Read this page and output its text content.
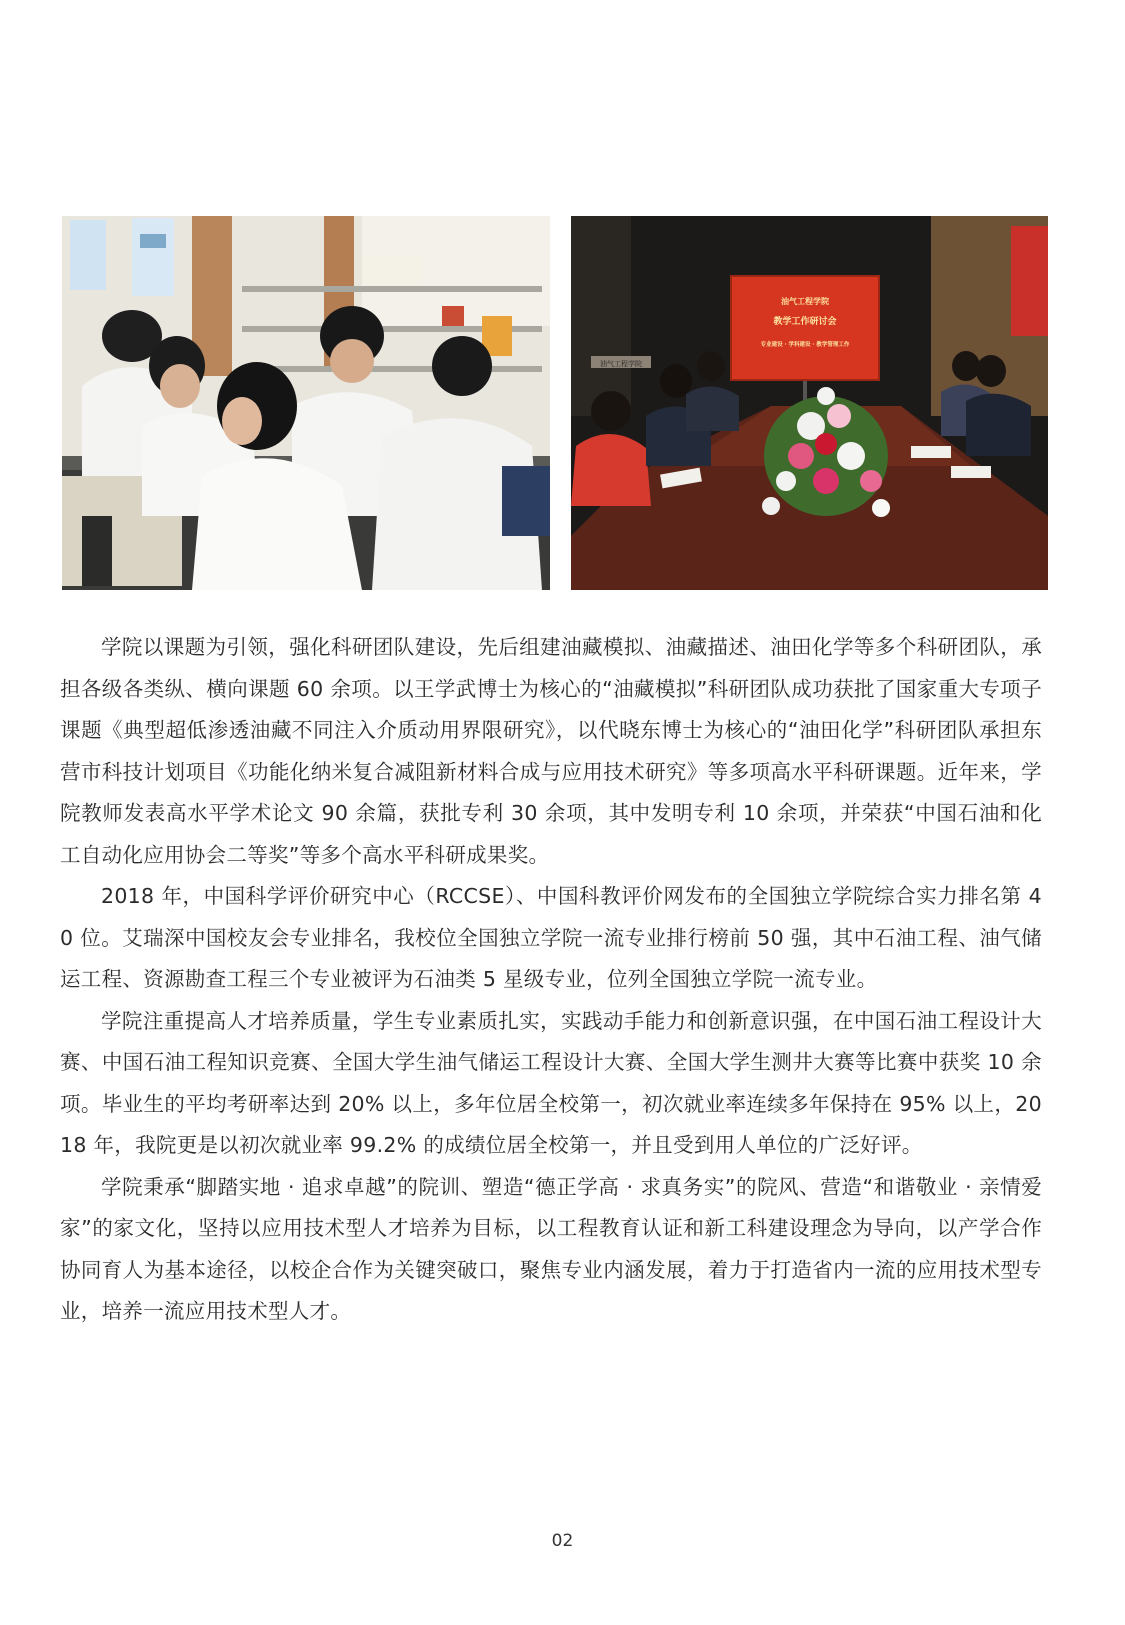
油气工程学院
油气工程学院
教学工作研讨会
专业建设 · 学科建设 · 教学管理工作

学院以课题为引领，强化科研团队建设，先后组建油藏模拟、油藏描述、油田化学等多个科研团队，承担各级各类纵、横向课题 60 余项。以王学武博士为核心的“油藏模拟”科研团队成功获批了国家重大专项子课题《典型超低渗透油藏不同注入介质动用界限研究》，以代晓东博士为核心的“油田化学”科研团队承担东营市科技计划项目《功能化纳米复合减阻新材料合成与应用技术研究》等多项高水平科研课题。近年来，学院教师发表高水平学术论文 90 余篇，获批专利 30 余项，其中发明专利 10 余项，并荣获“中国石油和化工自动化应用协会二等奖”等多个高水平科研成果奖。

2018 年，中国科学评价研究中心（RCCSE）、中国科教评价网发布的全国独立学院综合实力排名第 40 位。艾瑞深中国校友会专业排名，我校位全国独立学院一流专业排行榜前 50 强，其中石油工程、油气储运工程、资源勘查工程三个专业被评为石油类 5 星级专业，位列全国独立学院一流专业。

学院注重提高人才培养质量，学生专业素质扎实，实践动手能力和创新意识强，在中国石油工程设计大赛、中国石油工程知识竞赛、全国大学生油气储运工程设计大赛、全国大学生测井大赛等比赛中获奖 10 余项。毕业生的平均考研率达到 20% 以上，多年位居全校第一，初次就业率连续多年保持在 95% 以上，2018 年，我院更是以初次就业率 99.2% 的成绩位居全校第一，并且受到用人单位的广泛好评。

学院秉承“脚踏实地 · 追求卓越”的院训、塑造“德正学高 · 求真务实”的院风、营造“和谐敬业 · 亲情爱家”的家文化，坚持以应用技术型人才培养为目标，以工程教育认证和新工科建设理念为导向，以产学合作协同育人为基本途径，以校企合作为关键突破口，聚焦专业内涵发展，着力于打造省内一流的应用技术型专业，培养一流应用技术型人才。

02
